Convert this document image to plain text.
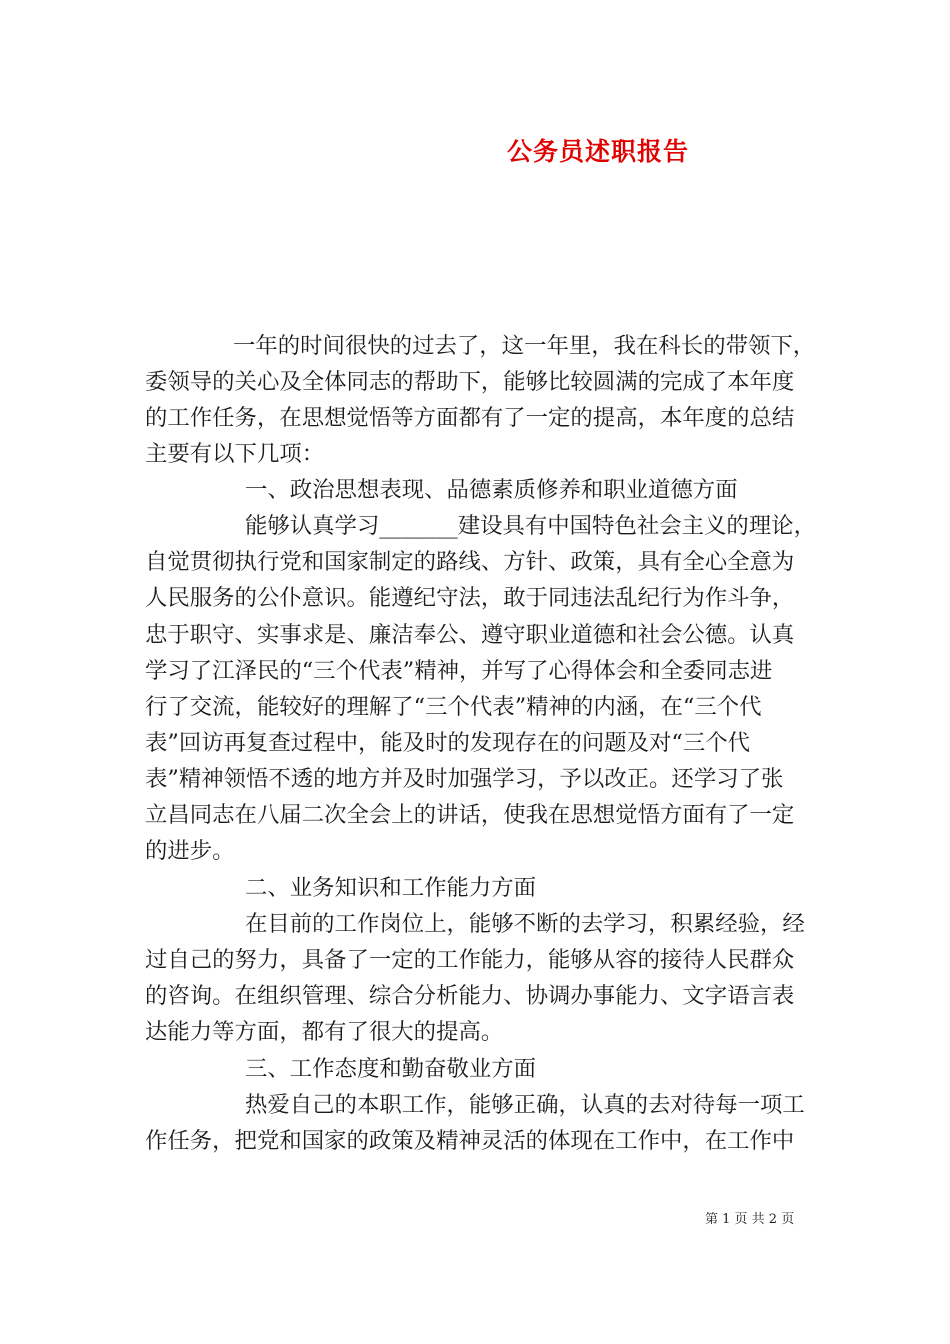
公务员述职报告
一年的时间很快的过去了，这一年里，我在科长的带领下，
委领导的关心及全体同志的帮助下，能够比较圆满的完成了本年度
的工作任务，在思想觉悟等方面都有了一定的提高，本年度的总结
主要有以下几项：
一、政治思想表现、品德素质修养和职业道德方面
能够认真学习_______建设具有中国特色社会主义的理论，
自觉贯彻执行党和国家制定的路线、方针、政策，具有全心全意为
人民服务的公仆意识。能遵纪守法，敢于同违法乱纪行为作斗争，
忠于职守、实事求是、廉洁奉公、遵守职业道德和社会公德。认真
学习了江泽民的“三个代表”精神，并写了心得体会和全委同志进
行了交流，能较好的理解了“三个代表”精神的内涵，在“三个代
表”回访再复查过程中，能及时的发现存在的问题及对“三个代
表”精神领悟不透的地方并及时加强学习，予以改正。还学习了张
立昌同志在八届二次全会上的讲话，使我在思想觉悟方面有了一定
的进步。
二、业务知识和工作能力方面
在目前的工作岗位上，能够不断的去学习，积累经验，经
过自己的努力，具备了一定的工作能力，能够从容的接待人民群众
的咨询。在组织管理、综合分析能力、协调办事能力、文字语言表
达能力等方面，都有了很大的提高。
三、工作态度和勤奋敬业方面
热爱自己的本职工作，能够正确，认真的去对待每一项工
作任务，把党和国家的政策及精神灵活的体现在工作中，在工作中
第 1 页 共 2 页
